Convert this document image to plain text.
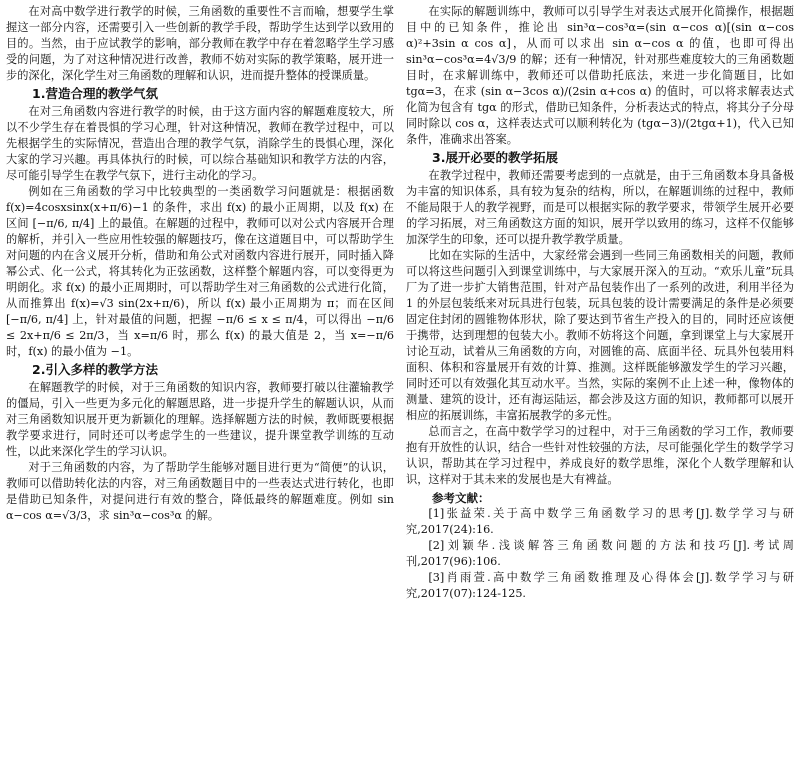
在对高中数学进行教学的时候，三角函数的重要性不言而喻，想要学生掌握这一部分内容，还需要引入一些创新的教学手段，帮助学生达到学以致用的目的。当然，由于应试教学的影响，部分教师在教学中存在着忽略学生学习感受的问题，为了对这种情况进行改善，教师不妨对实际的教学策略，展开进一步的深化，深化学生对三角函数的理解和认识，进而提升整体的授课质量。

1.营造合理的教学气氛

在对三角函数内容进行教学的时候，由于这方面内容的解题难度较大，所以不少学生存在着畏惧的学习心理，针对这种情况，教师在教学过程中，可以先根据学生的实际情况，营造出合理的教学气氛，消除学生的畏惧心理，深化大家的学习兴趣。再具体执行的时候，可以综合基础知识和教学方法的内容，尽可能引导学生在教学气氛下，进行主动化的学习。

例如在三角函数的学习中比较典型的一类函数学习问题就是：根据函数 f(x)=4cosxsinx(x+π/6)−1 的条件，求出 f(x) 的最小正周期，以及 f(x) 在区间 [−π/6, π/4] 上的最值。在解题的过程中，教师可以对公式内容展开合理的解析，并引入一些应用性较强的解题技巧，像在这道题目中，可以帮助学生对问题的内在含义展开分析，借助和角公式对函数内容进行展开，同时插入降幂公式、化一公式，将其转化为正弦函数，这样整个解题内容，可以变得更为明朗化。求 f(x) 的最小正周期时，可以帮助学生对三角函数的公式进行化简，从而推算出 f(x)=√3 sin(2x+π/6)，所以 f(x) 最小正周期为 π；而在区间 [−π/6, π/4] 上，针对最值的问题，把握 −π/6 ≤ x ≤ π/4，可以得出 −π/6 ≤ 2x+π/6 ≤ 2π/3，当 x=π/6 时，那么 f(x) 的最大值是 2，当 x=−π/6 时，f(x) 的最小值为 −1。

2.引入多样的教学方法

在解题教学的时候，对于三角函数的知识内容，教师要打破以往灌输教学的僵局，引入一些更为多元化的解题思路，进一步提升学生的解题认识，从而对三角函数知识展开更为新颖化的理解。选择解题方法的时候，教师既要根据教学要求进行，同时还可以考虑学生的一些建议，提升课堂教学训练的互动性，以此来深化学生的学习认识。

对于三角函数的内容，为了帮助学生能够对题目进行更为“简便”的认识，教师可以借助转化法的内容，对三角函数题目中的一些表达式进行转化，也即是借助已知条件，对提问进行有效的整合，降低最终的解题难度。例如 sin α−cos α=√3/3，求 sin³α−cos³α 的解。

在实际的解题训练中，教师可以引导学生对表达式展开化简操作，根据题目中的已知条件，推论出 sin³α−cos³α=(sin α−cos α)[(sin α−cos α)²+3sin α cos α]，从而可以求出 sin α−cos α 的值，也即可得出 sin³α−cos³α=4√3/9 的解；还有一种情况，针对那些难度较大的三角函数题目时，在求解训练中，教师还可以借助托底法，来进一步化简题目，比如 tgα=3，在求 (sin α−3cos α)/(2sin α+cos α) 的值时，可以将求解表达式化简为包含有 tgα 的形式，借助已知条件，分析表达式的特点，将其分子分母同时除以 cos α，这样表达式可以顺利转化为 (tgα−3)/(2tgα+1)，代入已知条件，准确求出答案。

3.展开必要的教学拓展

在教学过程中，教师还需要考虑到的一点就是，由于三角函数本身具备极为丰富的知识体系，具有较为复杂的结构，所以，在解题训练的过程中，教师不能局限于人的教学视野，而是可以根据实际的教学要求，带领学生展开必要的学习拓展，对三角函数这方面的知识，展开学以致用的练习，这样不仅能够加深学生的印象，还可以提升教学教学质量。

比如在实际的生活中，大家经常会遇到一些同三角函数相关的问题，教师可以将这些问题引入到课堂训练中，与大家展开深入的互动。“欢乐儿童”玩具厂为了进一步扩大销售范围，针对产品包装作出了一系列的改进，利用半径为 1 的外层包装纸来对玩具进行包装，玩具包装的设计需要满足的条件是必须要固定住封闭的圆锥物体形状，除了要达到节省生产投入的目的，同时还应该便于携带，达到理想的包装大小。教师不妨将这个问题，拿到课堂上与大家展开讨论互动，试着从三角函数的方向，对圆锥的高、底面半径、玩具外包装用料面积、体积和容量展开有效的计算、推测。这样既能够激发学生的学习兴趣，同时还可以有效强化其互动水平。当然，实际的案例不止上述一种，像物体的测量、建筑的设计，还有海运陆运，都会涉及这方面的知识，教师都可以展开相应的拓展训练，丰富拓展教学的多元性。

总而言之，在高中数学学习的过程中，对于三角函数的学习工作，教师要抱有开放性的认识，结合一些针对性较强的方法，尽可能强化学生的数学学习认识，帮助其在学习过程中，养成良好的数学思维，深化个人数学理解和认识，这样对于其未来的发展也是大有裨益。

参考文献：

[1]张益荣.关于高中数学三角函数学习的思考[J].数学学习与研究,2017(24):16.

[2]刘颖华.浅谈解答三角函数问题的方法和技巧[J].考试周刊,2017(96):106.

[3]肖雨萱.高中数学三角函数推理及心得体会[J].数学学习与研究,2017(07):124-125.
